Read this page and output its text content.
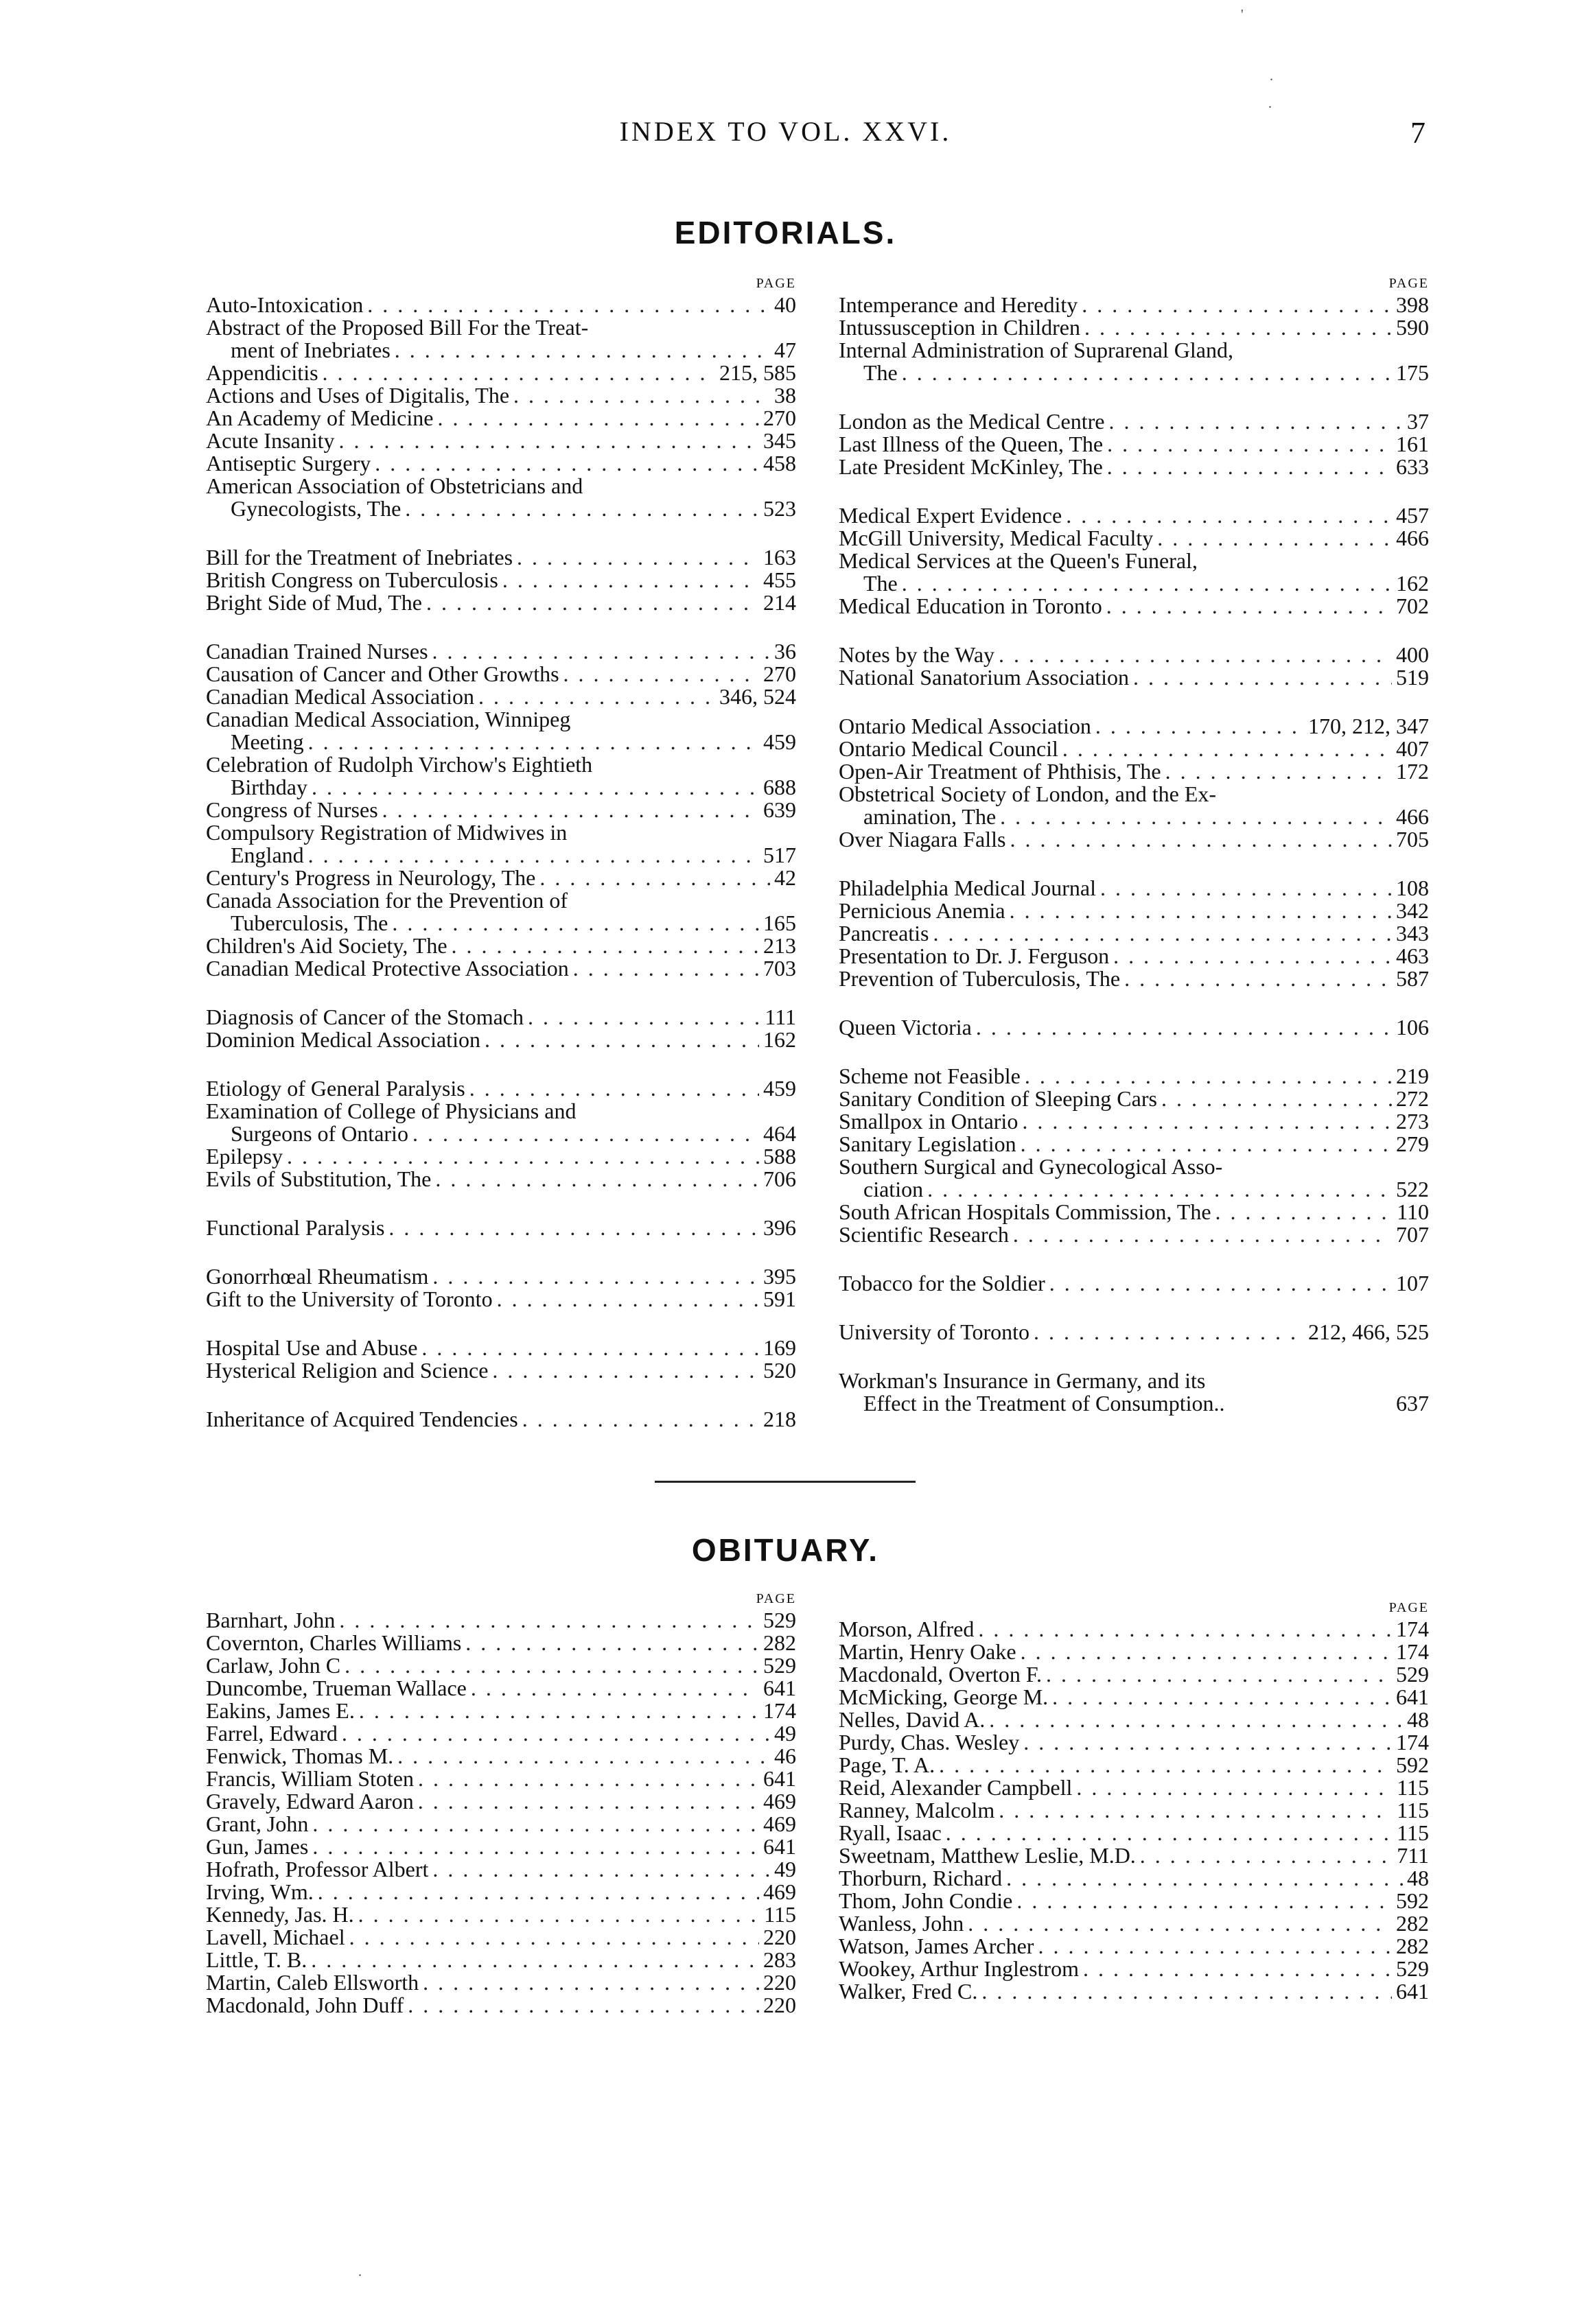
INDEX TO VOL. XXVI.	7
EDITORIALS.
PAGE
Auto-Intoxication . . .	40
Abstract of the Proposed Bill For the Treat-
ment of Inebriates . . .	47
Appendicitis . . .	215, 585
Actions and Uses of Digitalis, The . . .	38
An Academy of Medicine . . .	270
Acute Insanity . . .	345
Antiseptic Surgery . . .	458
American Association of Obstetricians and
Gynecologists, The . . .	523
Bill for the Treatment of Inebriates . . .	163
British Congress on Tuberculosis . . .	455
Bright Side of Mud, The . . .	214
Canadian Trained Nurses . . .	36
Causation of Cancer and Other Growths . . .	270
Canadian Medical Association . . .	346, 524
Canadian Medical Association, Winnipeg
Meeting . . .	459
Celebration of Rudolph Virchow's Eightieth
Birthday . . .	688
Congress of Nurses . . .	639
Compulsory Registration of Midwives in
England . . .	517
Century's Progress in Neurology, The . . .	42
Canada Association for the Prevention of
Tuberculosis, The . . .	165
Children's Aid Society, The . . .	213
Canadian Medical Protective Association . . .	703
Diagnosis of Cancer of the Stomach . . .	111
Dominion Medical Association . . .	162
Etiology of General Paralysis . . .	459
Examination of College of Physicians and
Surgeons of Ontario . . .	464
Epilepsy . . .	588
Evils of Substitution, The . . .	706
Functional Paralysis . . .	396
Gonorrhœal Rheumatism . . .	395
Gift to the University of Toronto . . .	591
Hospital Use and Abuse . . .	169
Hysterical Religion and Science . . .	520
Inheritance of Acquired Tendencies . . .	218
PAGE
Intemperance and Heredity . . .	398
Intussusception in Children . . .	590
Internal Administration of Suprarenal Gland,
The . . .	175
London as the Medical Centre . . .	37
Last Illness of the Queen, The . . .	161
Late President McKinley, The . . .	633
Medical Expert Evidence . . .	457
McGill University, Medical Faculty . . .	466
Medical Services at the Queen's Funeral,
The . . .	162
Medical Education in Toronto . . .	702
Notes by the Way . . .	400
National Sanatorium Association . . .	519
Ontario Medical Association . . .	170, 212, 347
Ontario Medical Council . . .	407
Open-Air Treatment of Phthisis, The . . .	172
Obstetrical Society of London, and the Ex-
amination, The . . .	466
Over Niagara Falls . . .	705
Philadelphia Medical Journal . . .	108
Pernicious Anemia . . .	342
Pancreatis . . .	343
Presentation to Dr. J. Ferguson . . .	463
Prevention of Tuberculosis, The . . .	587
Queen Victoria . . .	106
Scheme not Feasible . . .	219
Sanitary Condition of Sleeping Cars . . .	272
Smallpox in Ontario . . .	273
Sanitary Legislation . . .	279
Southern Surgical and Gynecological Asso-
ciation . . .	522
South African Hospitals Commission, The . . .	110
Scientific Research . . .	707
Tobacco for the Soldier . . .	107
University of Toronto . . .	212, 466, 525
Workman's Insurance in Germany, and its
Effect in the Treatment of Consumption..	637
OBITUARY.
PAGE
Barnhart, John . . .	529
Covernton, Charles Williams . . .	282
Carlaw, John C . . .	529
Duncombe, Trueman Wallace . . .	641
Eakins, James E. . . .	174
Farrel, Edward . . .	49
Fenwick, Thomas M. . . .	46
Francis, William Stoten . . .	641
Gravely, Edward Aaron . . .	469
Grant, John . . .	469
Gun, James . . .	641
Hofrath, Professor Albert . . .	49
Irving, Wm. . . .	469
Kennedy, Jas. H. . . .	115
Lavell, Michael . . .	220
Little, T. B. . . .	283
Martin, Caleb Ellsworth . . .	220
Macdonald, John Duff . . .	220
PAGE
Morson, Alfred . . .	174
Martin, Henry Oake . . .	174
Macdonald, Overton F. . . .	529
McMicking, George M. . . .	641
Nelles, David A. . . .	48
Purdy, Chas. Wesley . . .	174
Page, T. A. . . .	592
Reid, Alexander Campbell . . .	115
Ranney, Malcolm . . .	115
Ryall, Isaac . . .	115
Sweetnam, Matthew Leslie, M.D. . . .	711
Thorburn, Richard . . .	48
Thom, John Condie . . .	592
Wanless, John . . .	282
Watson, James Archer . . .	282
Wookey, Arthur Inglestrom . . .	529
Walker, Fred C. . . .	641
'
.
.
.
